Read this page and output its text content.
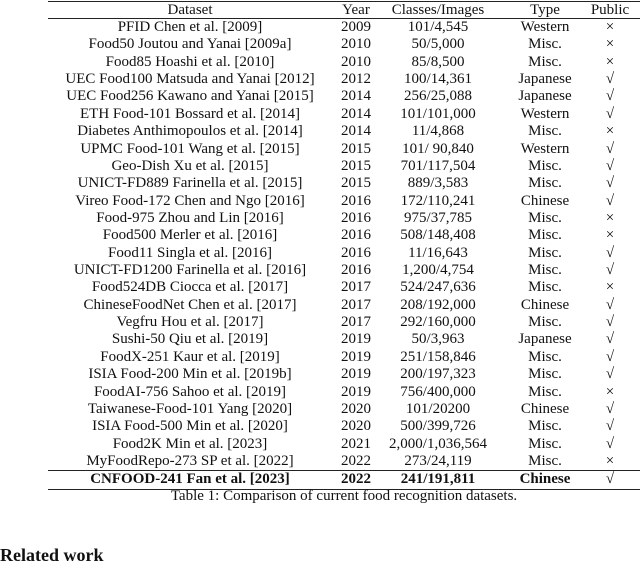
Dataset	Year Classes/Images	Type Public
PFID Chen et al. [2009]	2009 101/4,545	Western ×
Food50 Joutou and Yanai [2009a]	2010	50/5,000	Misc.	×
Food85 Hoashi et al. [2010]	2010	85/8,500	Misc.	×
UEC Food100 Matsuda and Yanai [2012] 2012 100/14,361	Japanese √
UEC Food256 Kawano and Yanai [2015] 2014 256/25,088	Japanese √
ETH Food-101 Bossard et al. [2014]	2014 101/101,000	Western √
Diabetes Anthimopoulos et al. [2014]	2014	11/4,868	Misc.	×
UPMC Food-101 Wang et al. [2015]	2015 101/ 90,840	Western √
Geo-Dish Xu et al. [2015]	2015 701/117,504	Misc.	√
UNICT-FD889 Farinella et al. [2015]	2015 889/3,583	Misc.	√
Vireo Food-172 Chen and Ngo [2016] 2016 172/110,241	Chinese √
Food-975 Zhou and Lin [2016]	2016 975/37,785	Misc.	×
Food500 Merler et al. [2016]	2016 508/148,408	Misc.	×
Food11 Singla et al. [2016]	2016 11/16,643	Misc.	√
UNICT-FD1200 Farinella et al. [2016] 2016 1,200/4,754	Misc.	√
Food524DB Ciocca et al. [2017]	2017 524/247,636	Misc.	×
ChineseFoodNet Chen et al. [2017]	2017 208/192,000	Chinese √
Vegfru Hou et al. [2017]	2017 292/160,000	Misc.	√
Sushi-50 Qiu et al. [2019]	2019	50/3,963	Japanese √
FoodX-251 Kaur et al. [2019]	2019 251/158,846	Misc.	√
ISIA Food-200 Min et al. [2019b]	2019 200/197,323	Misc.	√
FoodAI-756 Sahoo et al. [2019]	2019 756/400,000	Misc.	×
Taiwanese-Food-101 Yang [2020]	2020 101/20200	Chinese √
ISIA Food-500 Min et al. [2020]	2020 500/399,726	Misc.	√
Food2K Min et al. [2023]	2021 2,000/1,036,564	Misc.	√
MyFoodRepo-273 SP et al. [2022]	2022 273/24,119	Misc.	×
CNFOOD-241 Fan et al. [2023]	2022 241/191,811	Chinese √
Table 1: Comparison of current food recognition datasets.
Related work
